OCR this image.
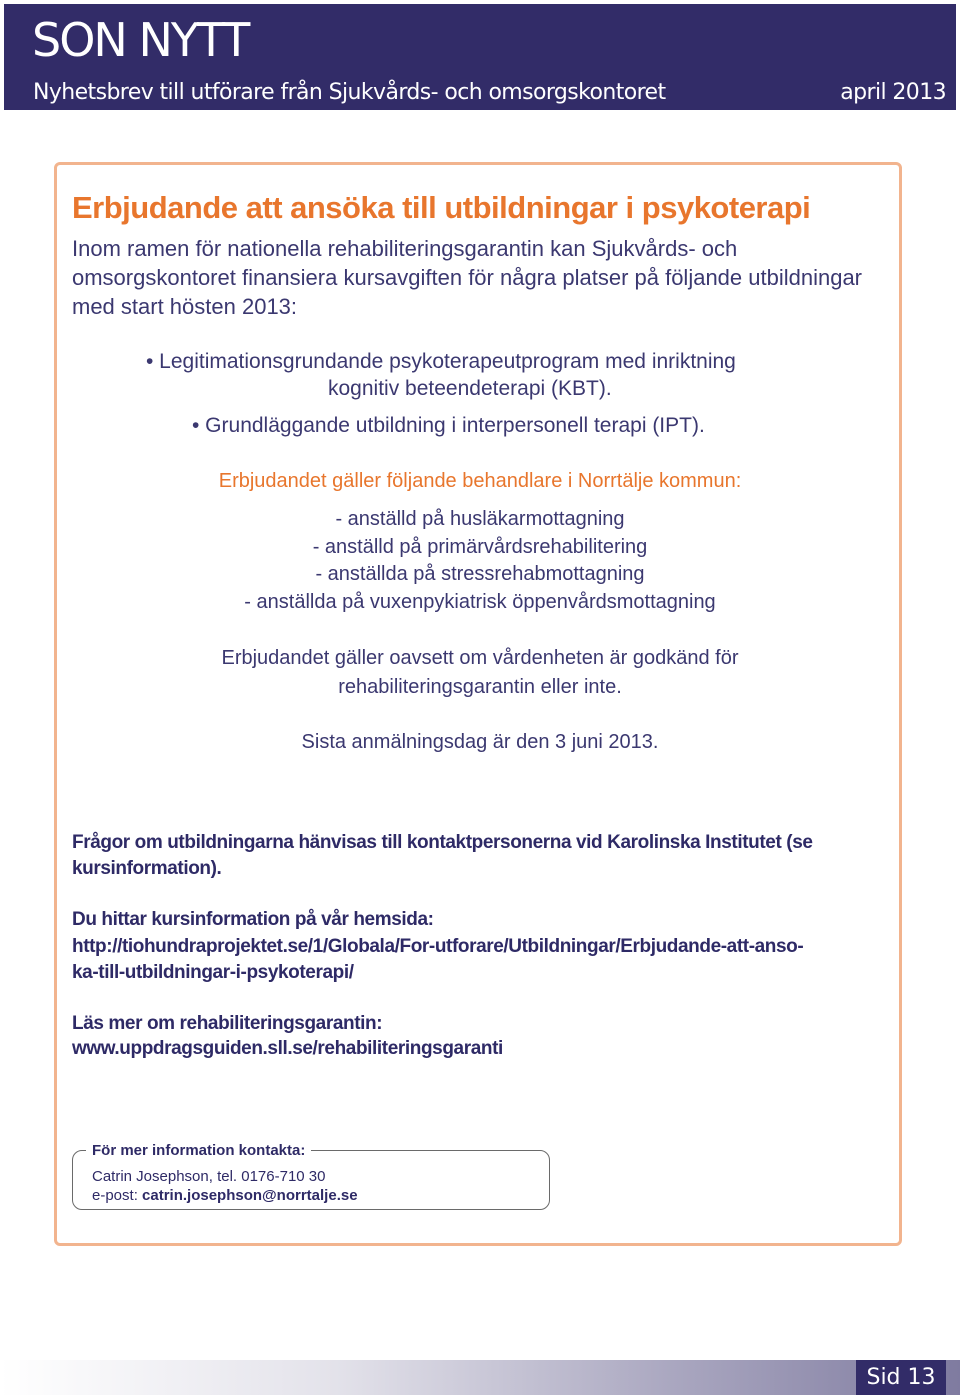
SON NYTT
Nyhetsbrev till utförare från Sjukvårds- och omsorgskontoret	april 2013
Erbjudande att ansöka till utbildningar i psykoterapi
Inom ramen för nationella rehabiliteringsgarantin kan Sjukvårds- och omsorgskontoret finansiera kursavgiften för några platser på följande utbildningar med start hösten 2013:
• Legitimationsgrundande psykoterapeutprogram med inriktning
kognitiv beteendeterapi (KBT).
• Grundläggande utbildning i interpersonell terapi (IPT).
Erbjudandet gäller följande behandlare i Norrtälje kommun:
- anställd på husläkarmottagning
- anställd på primärvårdsrehabilitering
- anställda på stressrehabmottagning
- anställda på vuxenpykiatrisk öppenvårdsmottagning
Erbjudandet gäller oavsett om vårdenheten är godkänd för
rehabiliteringsgarantin eller inte.
Sista anmälningsdag är den 3 juni 2013.
Frågor om utbildningarna hänvisas till kontaktpersonerna vid Karolinska Institutet (se kursinformation).
Du hittar kursinformation på vår hemsida:
http://tiohundraprojektet.se/1/Globala/For-utforare/Utbildningar/Erbjudande-att-anso-
ka-till-utbildningar-i-psykoterapi/
Läs mer om rehabiliteringsgarantin:
www.uppdragsguiden.sll.se/rehabiliteringsgaranti
För mer information kontakta:
Catrin Josephson, tel. 0176-710 30
e-post: catrin.josephson@norrtalje.se
Sid 13
